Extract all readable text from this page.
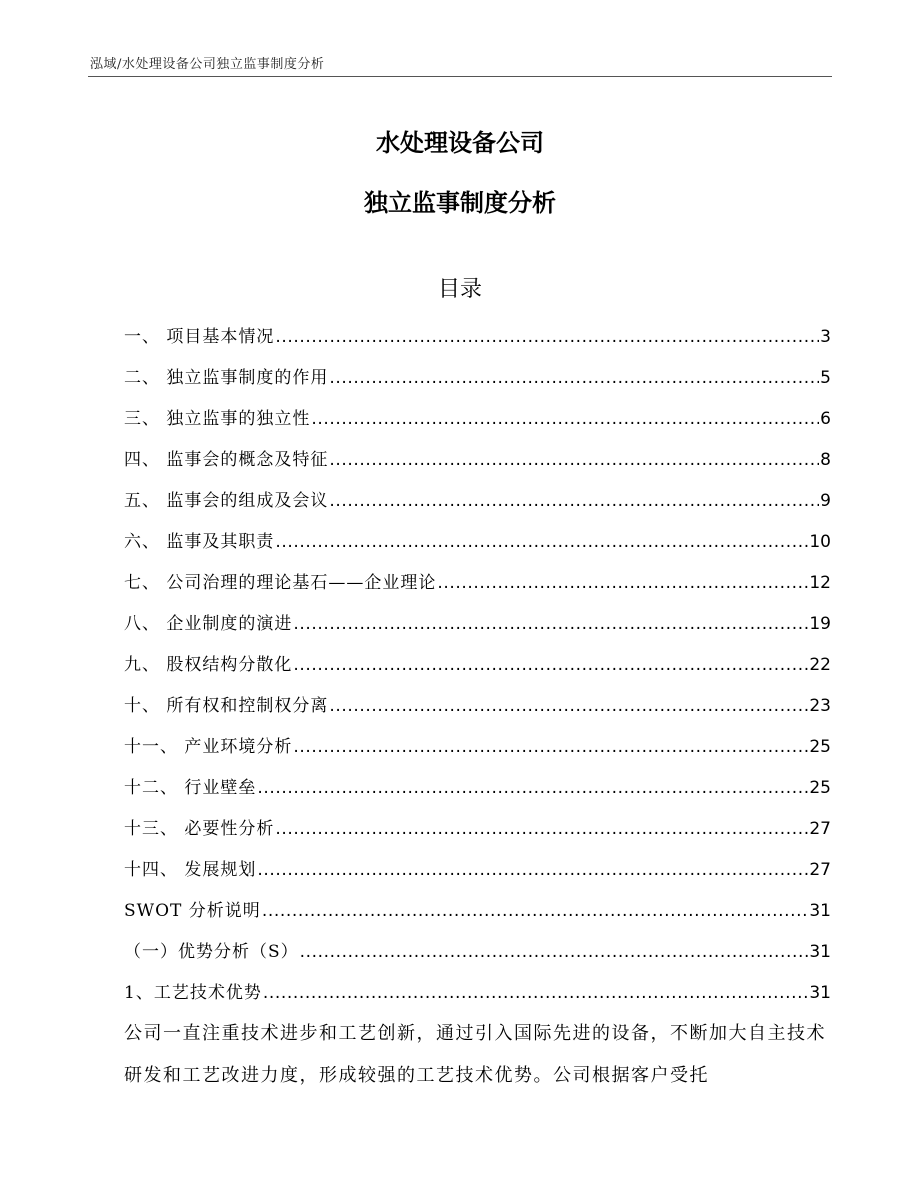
泓域/水处理设备公司独立监事制度分析
水处理设备公司
独立监事制度分析
目录
一、 项目基本情况 .....	3
二、 独立监事制度的作用 .....	5
三、 独立监事的独立性 .....	6
四、 监事会的概念及特征 .....	8
五、 监事会的组成及会议 .....	9
六、 监事及其职责 .....	10
七、 公司治理的理论基石——企业理论 .....	12
八、 企业制度的演进 .....	19
九、 股权结构分散化 .....	22
十、 所有权和控制权分离 .....	23
十一、 产业环境分析 .....	25
十二、 行业壁垒 .....	25
十三、 必要性分析 .....	27
十四、 发展规划 .....	27
SWOT 分析说明 .....	31
（一）优势分析（S） .....	31
1、工艺技术优势 .....	31
公司一直注重技术进步和工艺创新，通过引入国际先进的设备，不断加大自主技术研发和工艺改进力度，形成较强的工艺技术优势。公司根据客户受托
